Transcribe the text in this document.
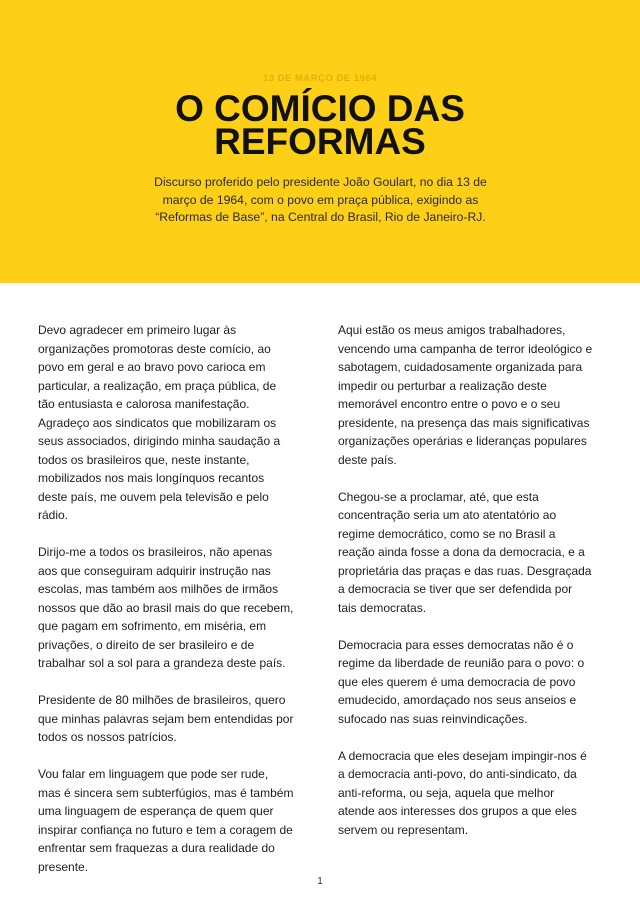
13 DE MARÇO DE 1964
O COMÍCIO DAS
REFORMAS

Discurso proferido pelo presidente João Goulart, no dia 13 de março de 1964, com o povo em praça pública, exigindo as “Reformas de Base”, na Central do Brasil, Rio de Janeiro-RJ.

Devo agradecer em primeiro lugar às organizações promotoras deste comício, ao povo em geral e ao bravo povo carioca em particular, a realização, em praça pública, de tão entusiasta e calorosa manifestação. Agradeço aos sindicatos que mobilizaram os seus associados, dirigindo minha saudação a todos os brasileiros que, neste instante, mobilizados nos mais longínquos recantos deste país, me ouvem pela televisão e pelo rádio.

Dirijo-me a todos os brasileiros, não apenas aos que conseguiram adquirir instrução nas escolas, mas também aos milhões de irmãos nossos que dão ao brasil mais do que recebem, que pagam em sofrimento, em miséria, em privações, o direito de ser brasileiro e de trabalhar sol a sol para a grandeza deste país.

Presidente de 80 milhões de brasileiros, quero que minhas palavras sejam bem entendidas por todos os nossos patrícios.

Vou falar em linguagem que pode ser rude, mas é sincera sem subterfúgios, mas é também uma linguagem de esperança de quem quer inspirar confiança no futuro e tem a coragem de enfrentar sem fraquezas a dura realidade do presente.

Aqui estão os meus amigos trabalhadores, vencendo uma campanha de terror ideológico e sabotagem, cuidadosamente organizada para impedir ou perturbar a realização deste memorável encontro entre o povo e o seu presidente, na presença das mais significativas organizações operárias e lideranças populares deste país.

Chegou-se a proclamar, até, que esta concentração seria um ato atentatório ao regime democrático, como se no Brasil a reação ainda fosse a dona da democracia, e a proprietária das praças e das ruas. Desgraçada a democracia se tiver que ser defendida por tais democratas.

Democracia para esses democratas não é o regime da liberdade de reunião para o povo: o que eles querem é uma democracia de povo emudecido, amordaçado nos seus anseios e sufocado nas suas reinvindicações.

A democracia que eles desejam impingir-nos é a democracia anti-povo, do anti-sindicato, da anti-reforma, ou seja, aquela que melhor atende aos interesses dos grupos a que eles servem ou representam.

1
